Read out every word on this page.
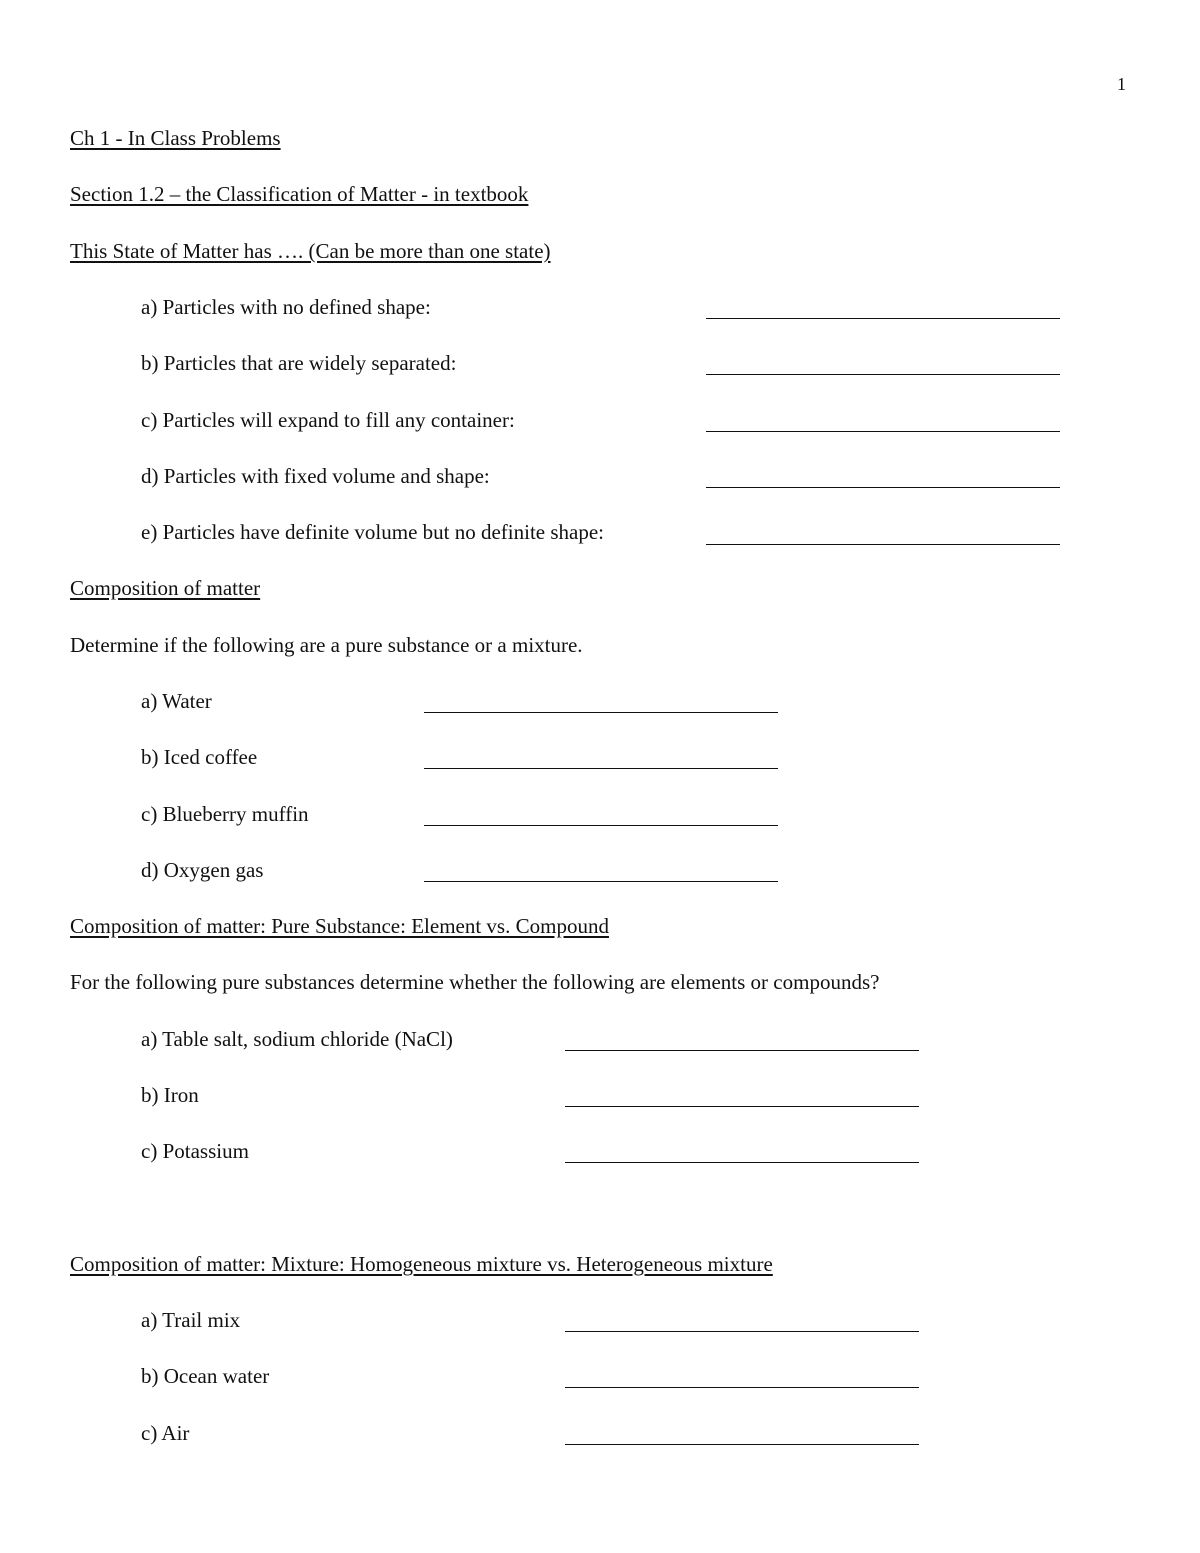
1
Ch 1 - In Class Problems
Section 1.2 – the Classification of Matter - in textbook
This State of Matter has …. (Can be more than one state)
a) Particles with no defined shape:
b) Particles that are widely separated:
c) Particles will expand to fill any container:
d) Particles with fixed volume and shape:
e) Particles have definite volume but no definite shape:
Composition of matter
Determine if the following are a pure substance or a mixture.
a) Water
b) Iced coffee
c) Blueberry muffin
d) Oxygen gas
Composition of matter: Pure Substance: Element vs. Compound
For the following pure substances determine whether the following are elements or compounds?
a) Table salt, sodium chloride (NaCl)
b) Iron
c) Potassium
Composition of matter: Mixture: Homogeneous mixture vs. Heterogeneous mixture
a) Trail mix
b) Ocean water
c) Air
